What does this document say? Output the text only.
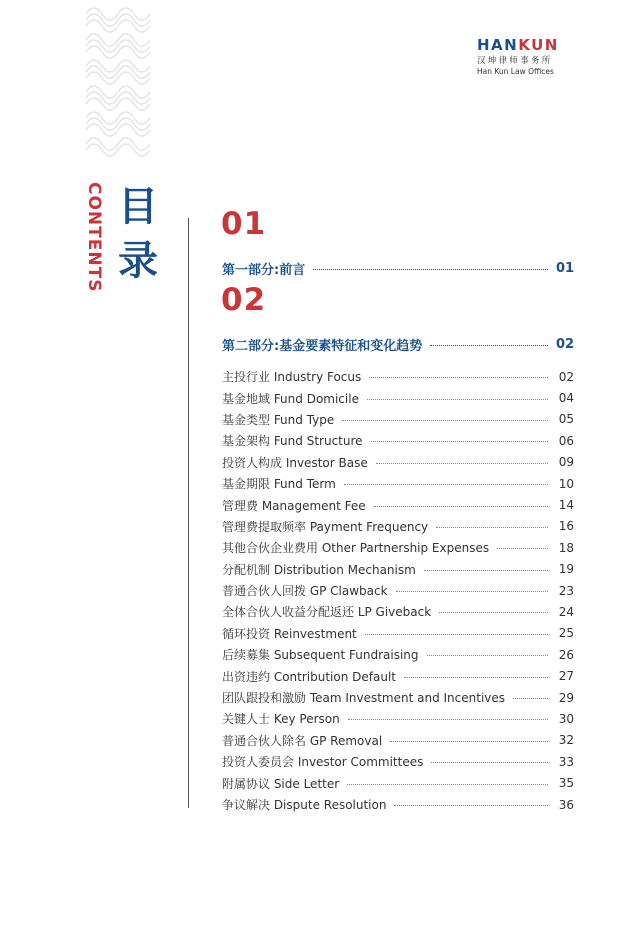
HANKUN
汉坤律师事务所
Han Kun Law Offices
CONTENTS 目
录
01
第一部分:前言	01
02
第二部分:基金要素特征和变化趋势	02
主投行业 Industry Focus	02
基金地域 Fund Domicile	04
基金类型 Fund Type	05
基金架构 Fund Structure	06
投资人构成 Investor Base	09
基金期限 Fund Term	10
管理费 Management Fee	14
管理费提取频率 Payment Frequency	16
其他合伙企业费用 Other Partnership Expenses	18
分配机制 Distribution Mechanism	19
普通合伙人回拨 GP Clawback	23
全体合伙人收益分配返还 LP Giveback	24
循环投资 Reinvestment	25
后续募集 Subsequent Fundraising	26
出资违约 Contribution Default	27
团队跟投和激励 Team Investment and Incentives	29
关键人士 Key Person	30
普通合伙人除名 GP Removal	32
投资人委员会 Investor Committees	33
附属协议 Side Letter	35
争议解决 Dispute Resolution	36
